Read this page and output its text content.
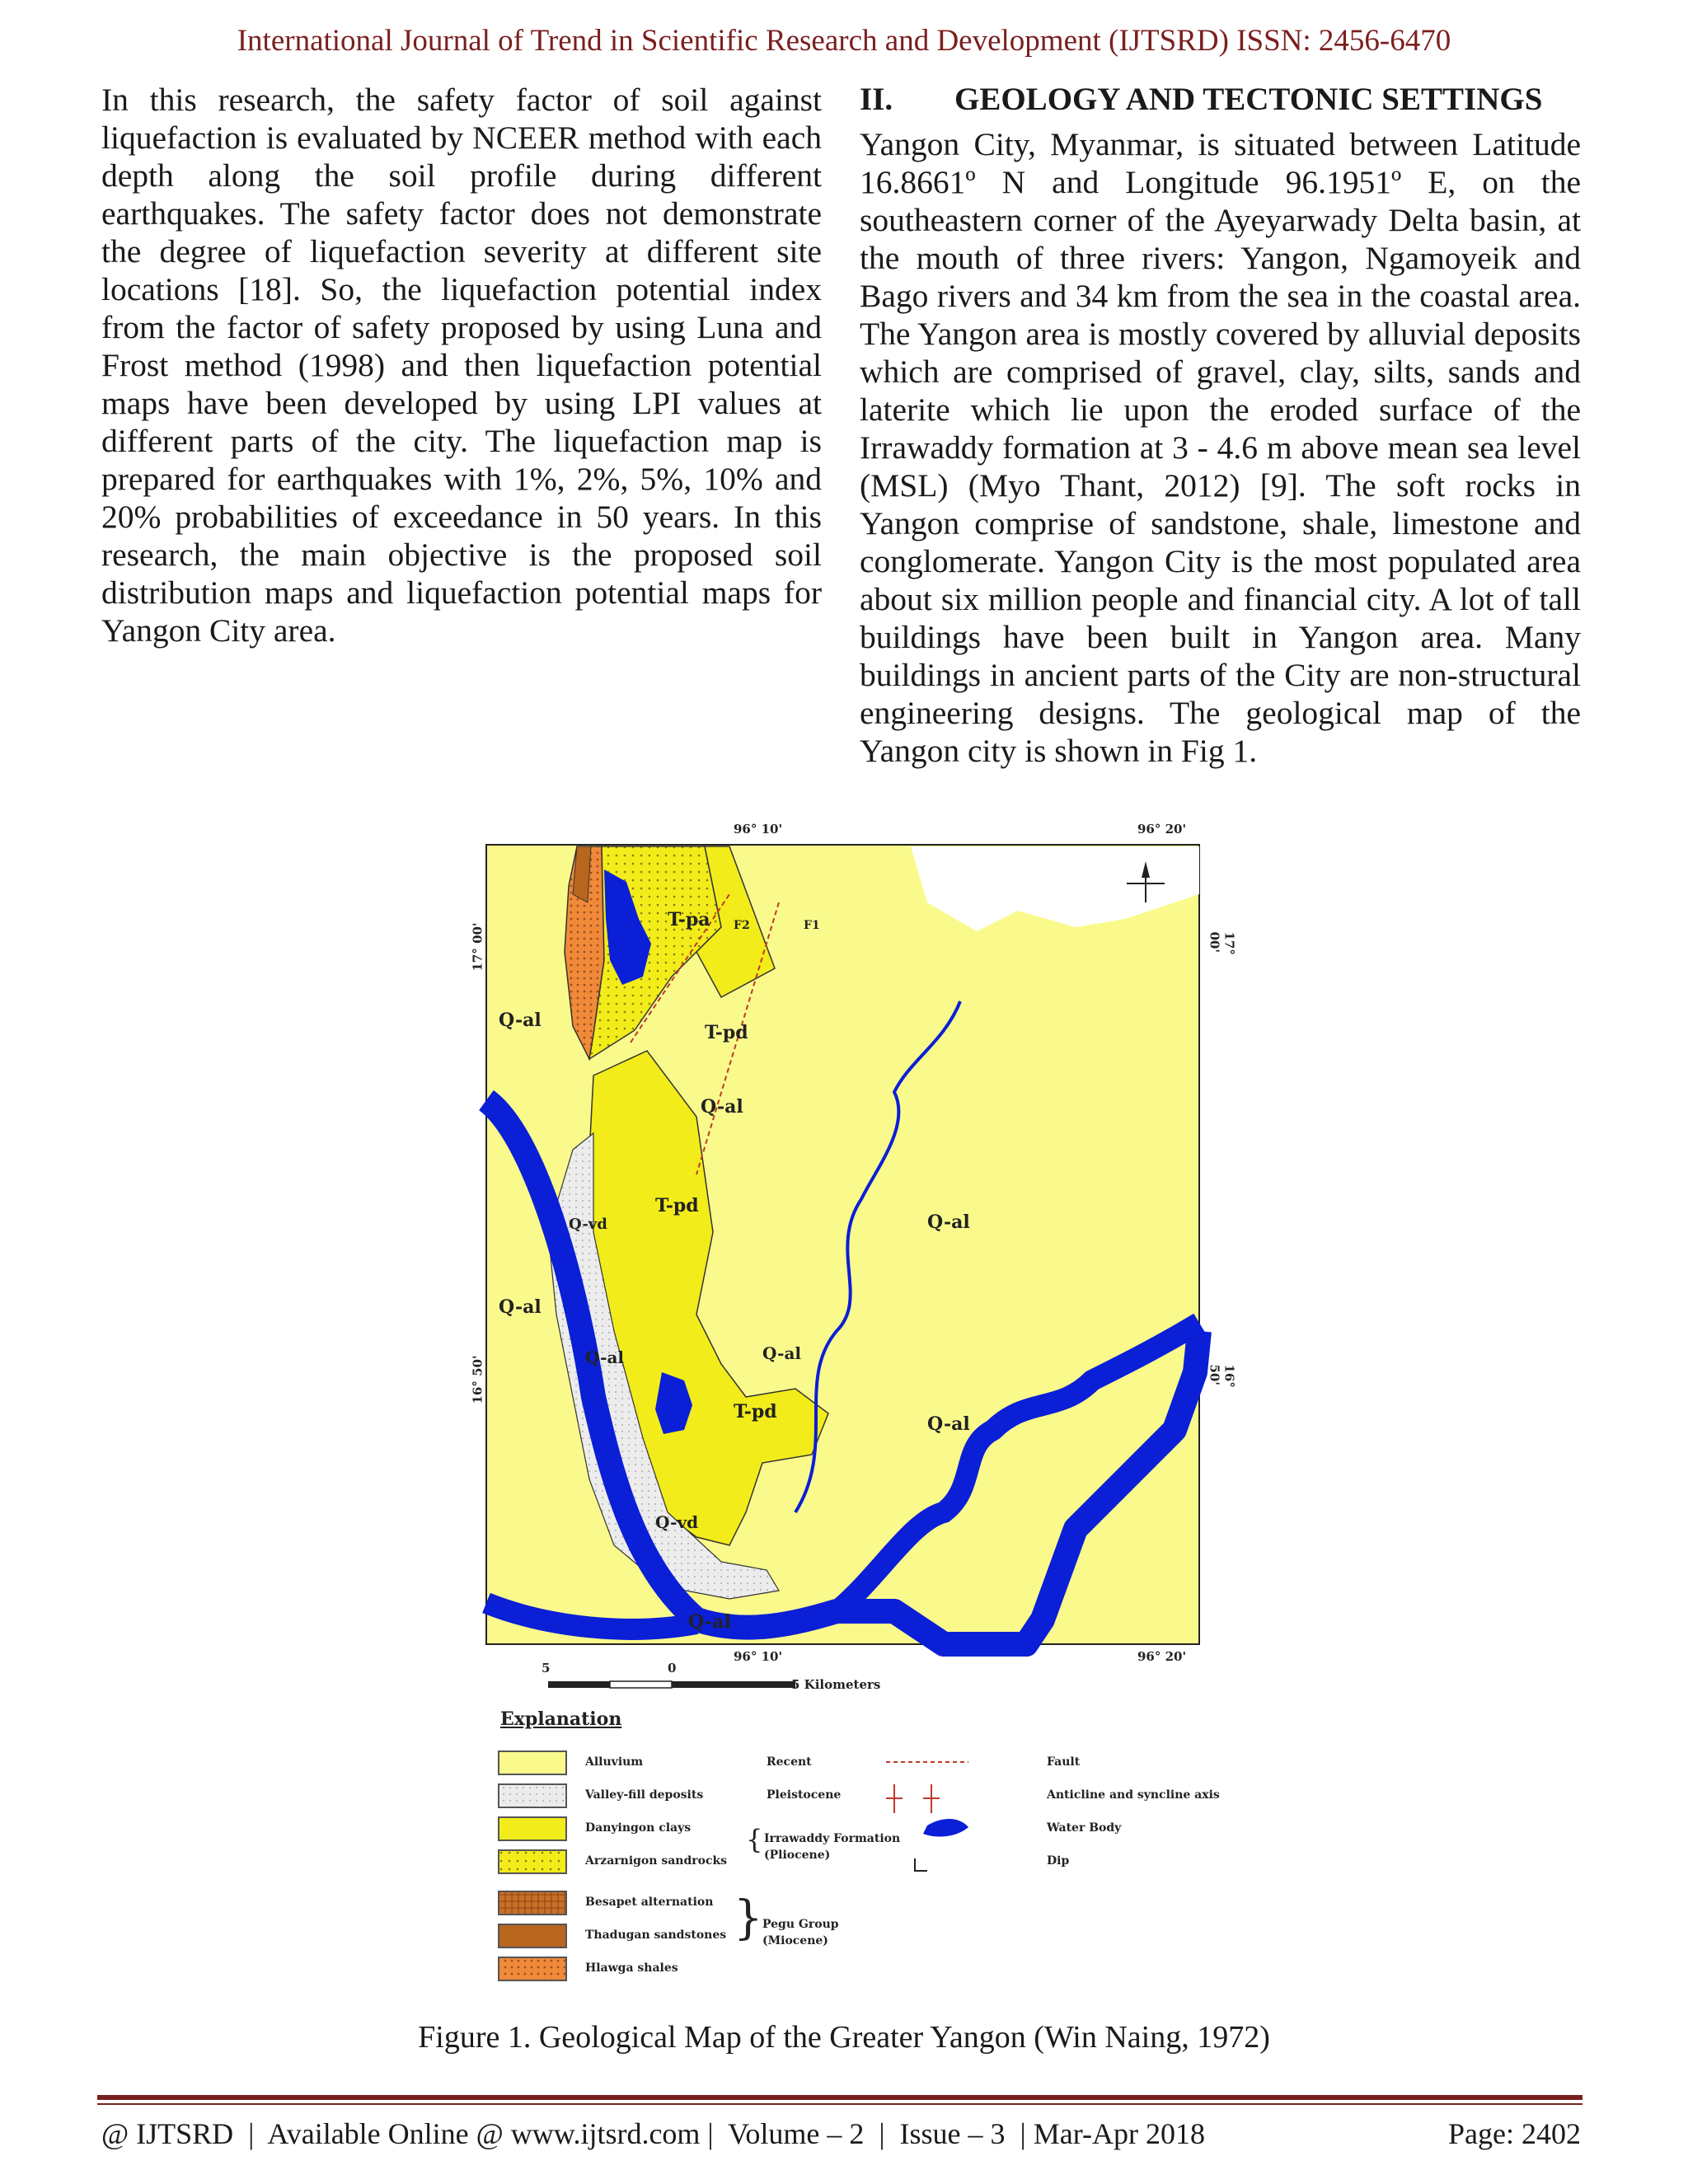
International Journal of Trend in Scientific Research and Development (IJTSRD) ISSN: 2456-6470

In this research, the safety factor of soil against liquefaction is evaluated by NCEER method with each depth along the soil profile during different earthquakes. The safety factor does not demonstrate the degree of liquefaction severity at different site locations [18]. So, the liquefaction potential index from the factor of safety proposed by using Luna and Frost method (1998) and then liquefaction potential maps have been developed by using LPI values at different parts of the city. The liquefaction map is prepared for earthquakes with 1%, 2%, 5%, 10% and 20% probabilities of exceedance in 50 years. In this research, the main objective is the proposed soil distribution maps and liquefaction potential maps for Yangon City area.

II.	GEOLOGY AND TECTONIC SETTINGS

Yangon City, Myanmar, is situated between Latitude 16.8661º N and Longitude 96.1951º E, on the southeastern corner of the Ayeyarwady Delta basin, at the mouth of three rivers: Yangon, Ngamoyeik and Bago rivers and 34 km from the sea in the coastal area. The Yangon area is mostly covered by alluvial deposits which are comprised of gravel, clay, silts, sands and laterite which lie upon the eroded surface of the Irrawaddy formation at 3 - 4.6 m above mean sea level (MSL) (Myo Thant, 2012) [9]. The soft rocks in Yangon comprise of sandstone, shale, limestone and conglomerate. Yangon City is the most populated area about six million people and financial city. A lot of tall buildings have been built in Yangon area. Many buildings in ancient parts of the City are non-structural engineering designs. The geological map of the Yangon city is shown in Fig 1.

96° 10'	96° 20'
96° 10'	96° 20'
17° 00'	17° 00'
16° 50'	16° 50'
5	0
5 Kilometers
T-pa F2	F1
Q-al
T-pd
Q-al
T-pd
Q-vd	Q-al
Q-al
Q-al	Q-al
Q-al
T-pd
Q-vd
Q-al
Explanation
Alluvium
Valley-fill deposits
Danyingon clays
Arzarnigon sandrocks
Besapet alternation
Thadugan sandstones
Hlawga shales
Recent
Pleistocene
{ Irrawaddy Formation
(Pliocene)
} Pegu Group
(Miocene)
Fault
Anticline and syncline axis
Water Body
Dip
Figure 1. Geological Map of the Greater Yangon (Win Naing, 1972)
@ IJTSRD  |  Available Online @ www.ijtsrd.com |  Volume – 2  |  Issue – 3  | Mar-Apr 2018	Page: 2402
